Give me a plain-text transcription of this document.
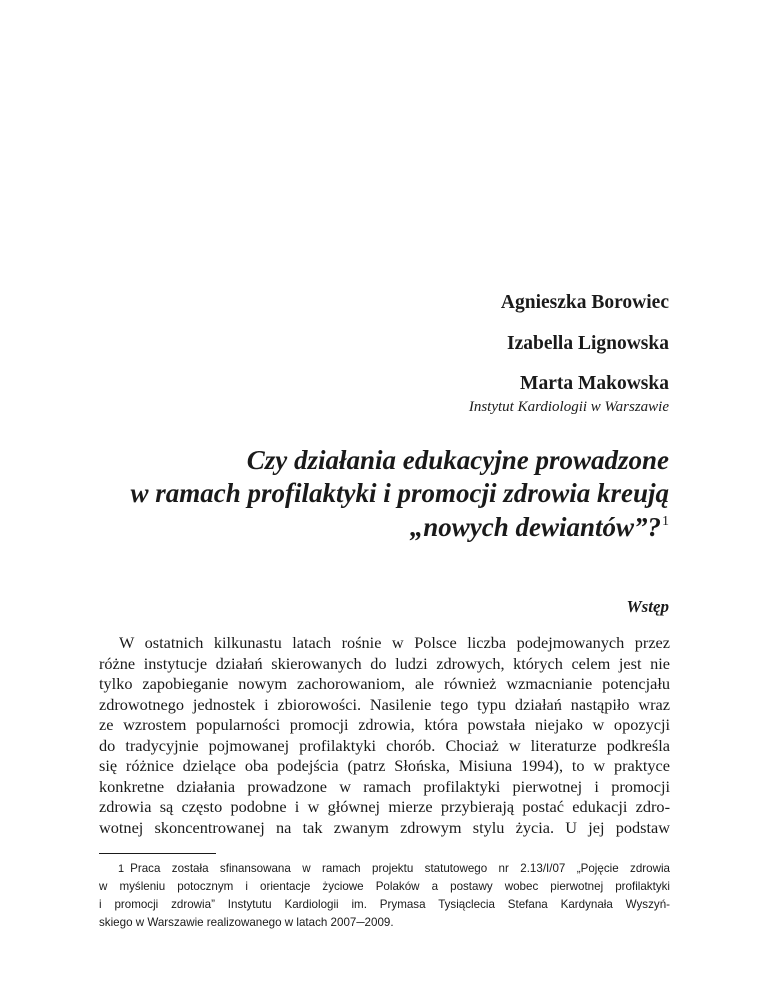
Agnieszka Borowiec
Izabella Lignowska
Marta Makowska
Instytut Kardiologii w Warszawie
Czy działania edukacyjne prowadzone
w ramach profilaktyki i promocji zdrowia kreują
„nowych dewiantów”?$^1$
Wstęp
W ostatnich kilkunastu latach rośnie w Polsce liczba podejmowanych przez
różne instytucje działań skierowanych do ludzi zdrowych, których celem jest nie
tylko zapobieganie nowym zachorowaniom, ale również wzmacnianie potencjału
zdrowotnego jednostek i zbiorowości. Nasilenie tego typu działań nastąpiło wraz
ze wzrostem popularności promocji zdrowia, która powstała niejako w opozycji
do tradycyjnie pojmowanej profilaktyki chorób. Chociaż w literaturze podkreśla
się różnice dzielące oba podejścia (patrz Słońska, Misiuna 1994), to w praktyce
konkretne działania prowadzone w ramach profilaktyki pierwotnej i promocji
zdrowia są często podobne i w głównej mierze przybierają postać edukacji zdro-
wotnej skoncentrowanej na tak zwanym zdrowym stylu życia. U jej podstaw
1 Praca została sfinansowana w ramach projektu statutowego nr 2.13/I/07 „Pojęcie zdrowia
w myśleniu potocznym i orientacje życiowe Polaków a postawy wobec pierwotnej profilaktyki
i promocji zdrowia” Instytutu Kardiologii im. Prymasa Tysiąclecia Stefana Kardynała Wyszyń-
skiego w Warszawie realizowanego w latach 2007─2009.
